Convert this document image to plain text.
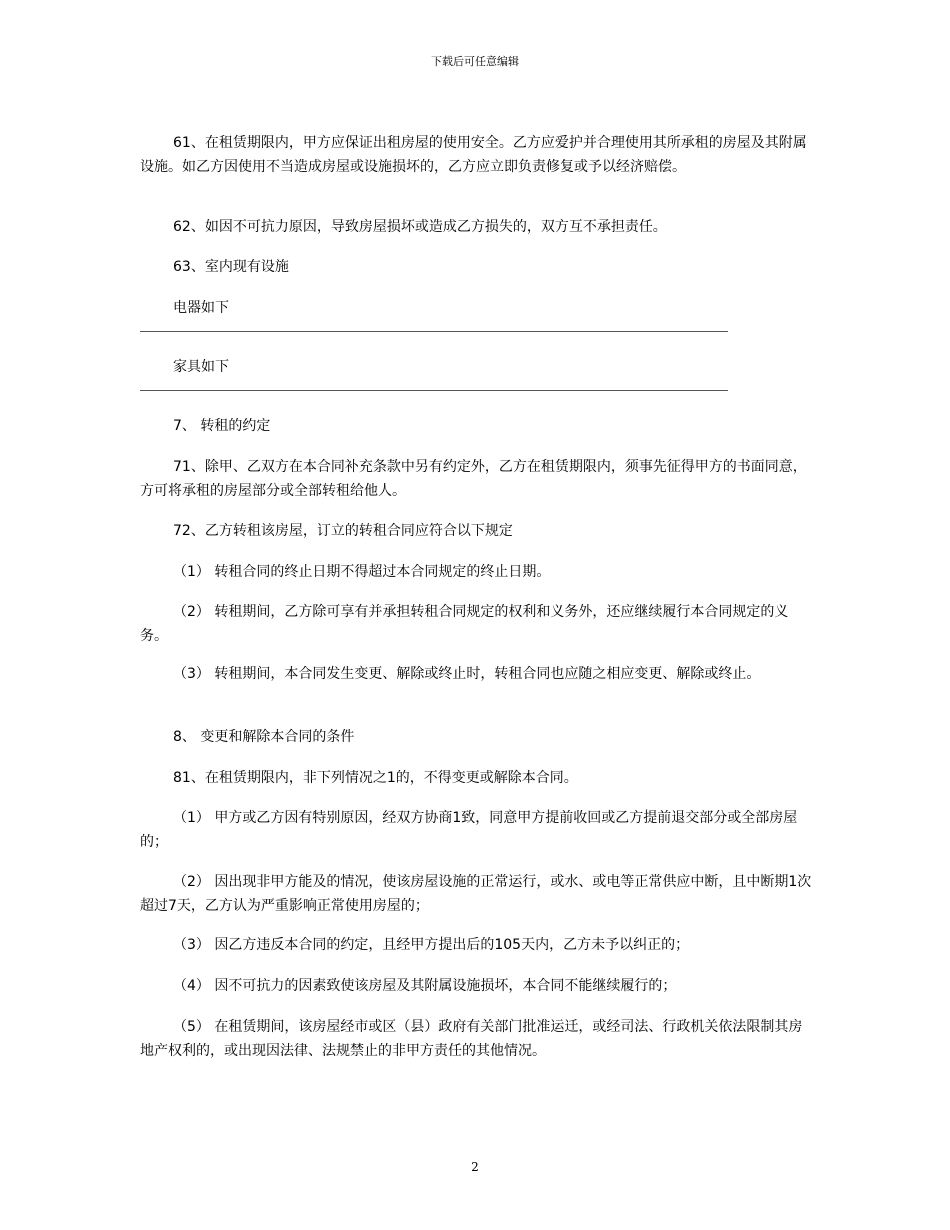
下载后可任意编辑

61、在租赁期限内，甲方应保证出租房屋的使用安全。乙方应爱护并合理使用其所承租的房屋及其附属设施。如乙方因使用不当造成房屋或设施损坏的，乙方应立即负责修复或予以经济赔偿。

62、如因不可抗力原因，导致房屋损坏或造成乙方损失的，双方互不承担责任。

63、室内现有设施

电器如下

家具如下

7、 转租的约定

71、除甲、乙双方在本合同补充条款中另有约定外，乙方在租赁期限内，须事先征得甲方的书面同意，方可将承租的房屋部分或全部转租给他人。

72、乙方转租该房屋，订立的转租合同应符合以下规定

（1） 转租合同的终止日期不得超过本合同规定的终止日期。

（2） 转租期间，乙方除可享有并承担转租合同规定的权利和义务外，还应继续履行本合同规定的义务。

（3） 转租期间，本合同发生变更、解除或终止时，转租合同也应随之相应变更、解除或终止。

8、 变更和解除本合同的条件

81、在租赁期限内，非下列情况之1的，不得变更或解除本合同。

（1） 甲方或乙方因有特别原因，经双方协商1致，同意甲方提前收回或乙方提前退交部分或全部房屋的；

（2） 因出现非甲方能及的情况，使该房屋设施的正常运行，或水、或电等正常供应中断，且中断期1次超过7天，乙方认为严重影响正常使用房屋的；

（3） 因乙方违反本合同的约定，且经甲方提出后的105天内，乙方未予以纠正的；

（4） 因不可抗力的因素致使该房屋及其附属设施损坏，本合同不能继续履行的；

（5） 在租赁期间，该房屋经市或区（县）政府有关部门批准运迁，或经司法、行政机关依法限制其房地产权利的，或出现因法律、法规禁止的非甲方责任的其他情况。

2
